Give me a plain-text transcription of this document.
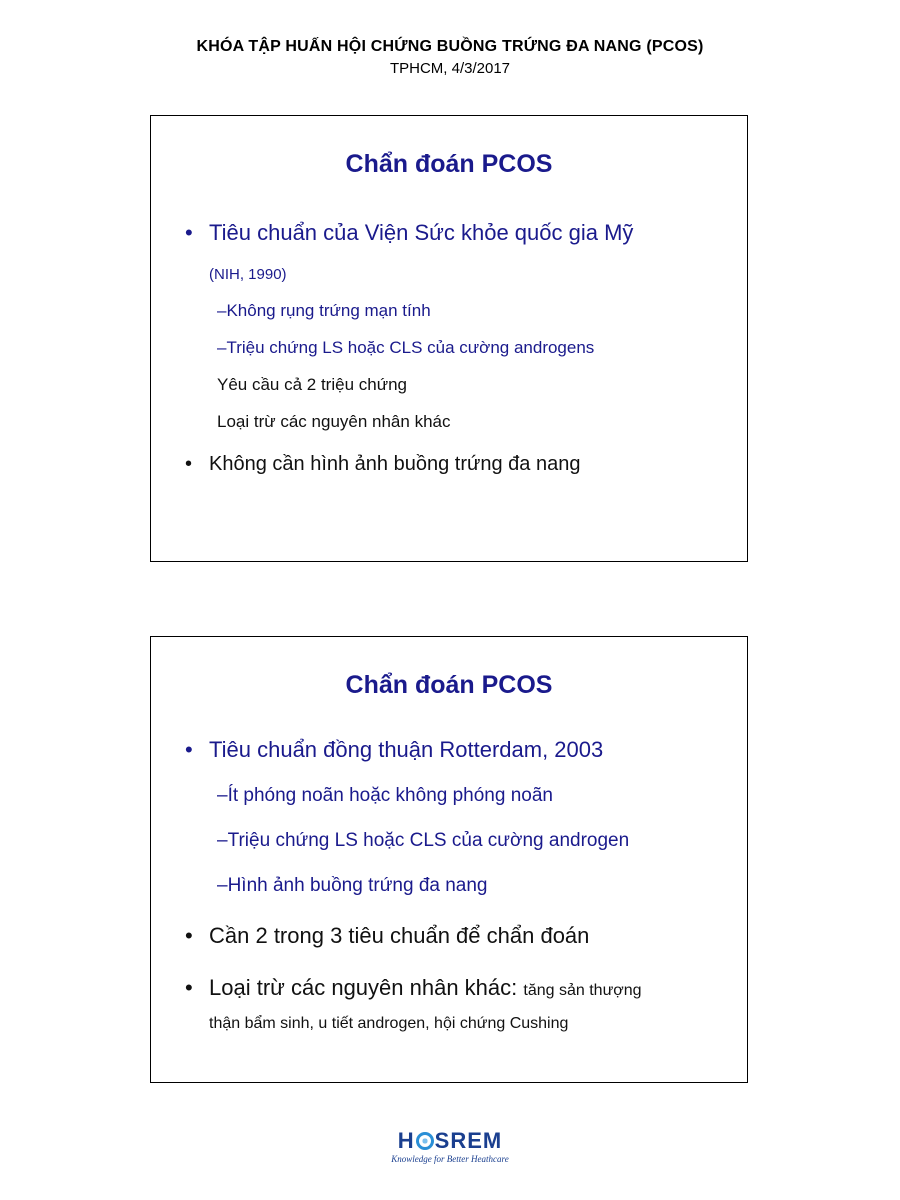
KHÓA TẬP HUẤN HỘI CHỨNG BUỒNG TRỨNG ĐA NANG (PCOS)
TPHCM, 4/3/2017
Chẩn đoán PCOS
• Tiêu chuẩn của Viện Sức khỏe quốc gia Mỹ
(NIH, 1990)
–Không rụng trứng mạn tính
–Triệu chứng LS hoặc CLS của cường androgens
Yêu cầu cả 2 triệu chứng
Loại trừ các nguyên nhân khác
• Không cần hình ảnh buồng trứng đa nang
Chẩn đoán PCOS
• Tiêu chuẩn đồng thuận Rotterdam, 2003
–Ít phóng noãn hoặc không phóng noãn
–Triệu chứng LS hoặc CLS của cường androgen
–Hình ảnh buồng trứng đa nang
• Cần 2 trong 3 tiêu chuẩn để chẩn đoán
• Loại trừ các nguyên nhân khác: tăng sản thượng
thận bẩm sinh, u tiết androgen, hội chứng Cushing
H SREM
Knowledge for Better Heathcare
